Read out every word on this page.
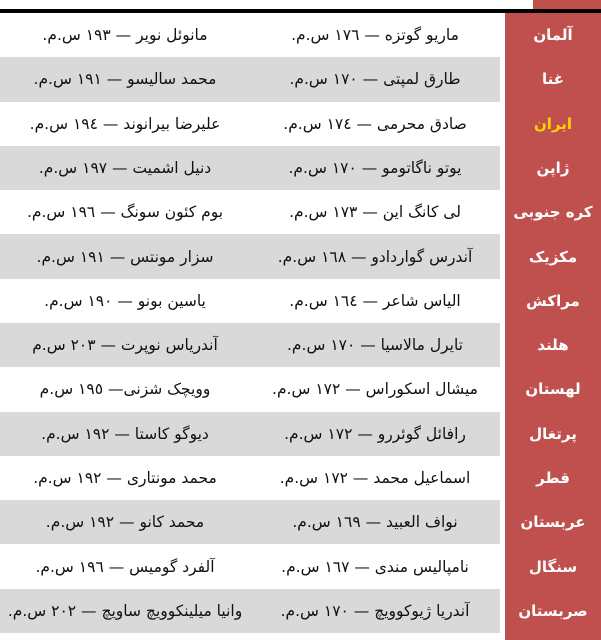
آلمان
ماریو گوتزه — ١٧٦ س.م.
مانوئل نویر — ١٩٣ س.م.
غنا
طارق لمپتی — ١٧٠ س.م.
محمد سالیسو — ١٩١ س.م.
ایران
صادق محرمی — ١٧٤ س.م.
علیرضا بیرانوند — ١٩٤ س.م.
ژاپن
یوتو ناگاتومو — ١٧٠ س.م.
دنیل اشمیت — ١٩٧ س.م.
کره جنوبی
لی کانگ این — ١٧٣ س.م.
بوم کئون سونگ — ١٩٦ س.م.
مکزیک
آندرس گواردادو — ١٦٨ س.م.
سزار مونتس — ١٩١ س.م.
مراکش
الیاس شاعر — ١٦٤ س.م.
یاسین بونو — ١٩٠ س.م.
هلند
تایرل مالاسیا — ١٧٠ س.م.
آندریاس نوپرت — ٢٠٣ س.م
لهستان
میشال اسکوراس — ١٧٢ س.م.
وویچک شزنی— ١٩٥ س.م
پرتغال
رافائل گوئررو — ١٧٢ س.م.
دیوگو کاستا — ١٩٢ س.م.
قطر
اسماعیل محمد — ١٧٢ س.م.
محمد مونتاری — ١٩٢ س.م.
عربستان
نواف العبید — ١٦٩ س.م.
محمد کانو — ١٩٢ س.م.
سنگال
نامپالیس مندی — ١٦٧ س.م.
آلفرد گومیس — ١٩٦ س.م.
صربستان
آندریا ژیوکوویچ — ١٧٠ س.م.
وانیا میلینکوویچ ساویچ — ٢٠٢ س.م.
